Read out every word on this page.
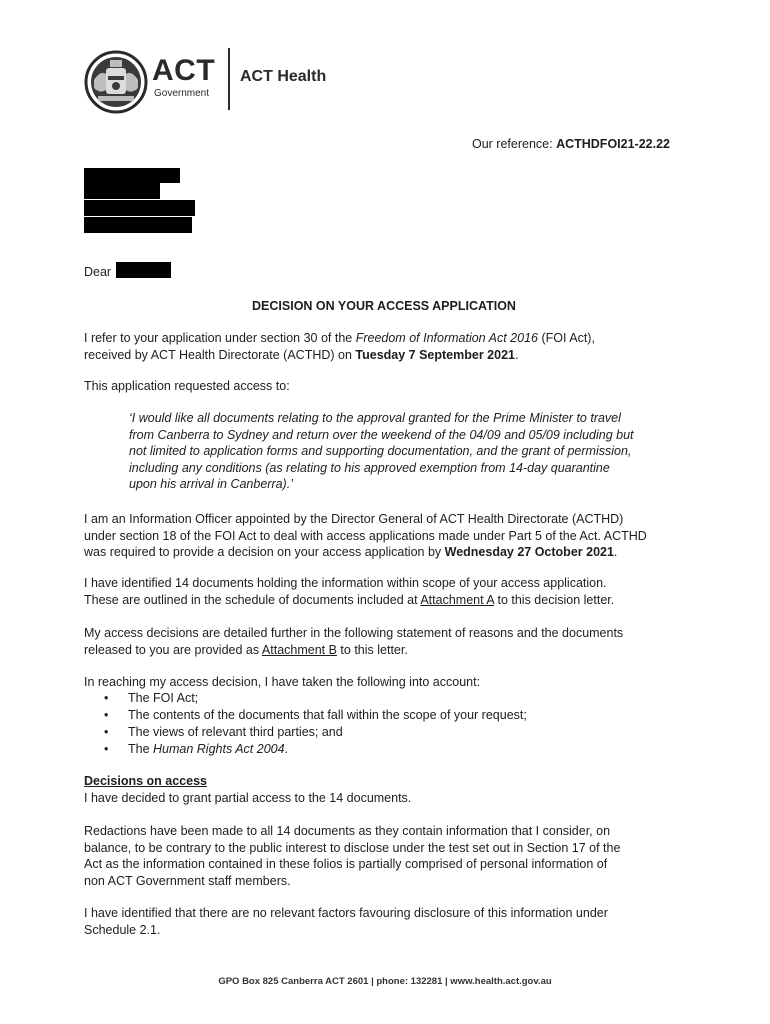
ACT
Government
ACT Health
Our reference: ACTHDFOI21-22.22
Dear
DECISION ON YOUR ACCESS APPLICATION
I refer to your application under section 30 of the Freedom of Information Act 2016 (FOI Act),
received by ACT Health Directorate (ACTHD) on Tuesday 7 September 2021.
This application requested access to:
‘I would like all documents relating to the approval granted for the Prime Minister to travel
from Canberra to Sydney and return over the weekend of the 04/09 and 05/09 including but
not limited to application forms and supporting documentation, and the grant of permission,
including any conditions (as relating to his approved exemption from 14-day quarantine
upon his arrival in Canberra).’
I am an Information Officer appointed by the Director General of ACT Health Directorate (ACTHD)
under section 18 of the FOI Act to deal with access applications made under Part 5 of the Act. ACTHD
was required to provide a decision on your access application by Wednesday 27 October 2021.
I have identified 14 documents holding the information within scope of your access application.
These are outlined in the schedule of documents included at Attachment A to this decision letter.
My access decisions are detailed further in the following statement of reasons and the documents
released to you are provided as Attachment B to this letter.
In reaching my access decision, I have taken the following into account:
• The FOI Act;
• The contents of the documents that fall within the scope of your request;
• The views of relevant third parties; and
• The Human Rights Act 2004.
Decisions on access
I have decided to grant partial access to the 14 documents.
Redactions have been made to all 14 documents as they contain information that I consider, on
balance, to be contrary to the public interest to disclose under the test set out in Section 17 of the
Act as the information contained in these folios is partially comprised of personal information of
non ACT Government staff members.
I have identified that there are no relevant factors favouring disclosure of this information under
Schedule 2.1.
GPO Box 825 Canberra ACT 2601 | phone: 132281 | www.health.act.gov.au
